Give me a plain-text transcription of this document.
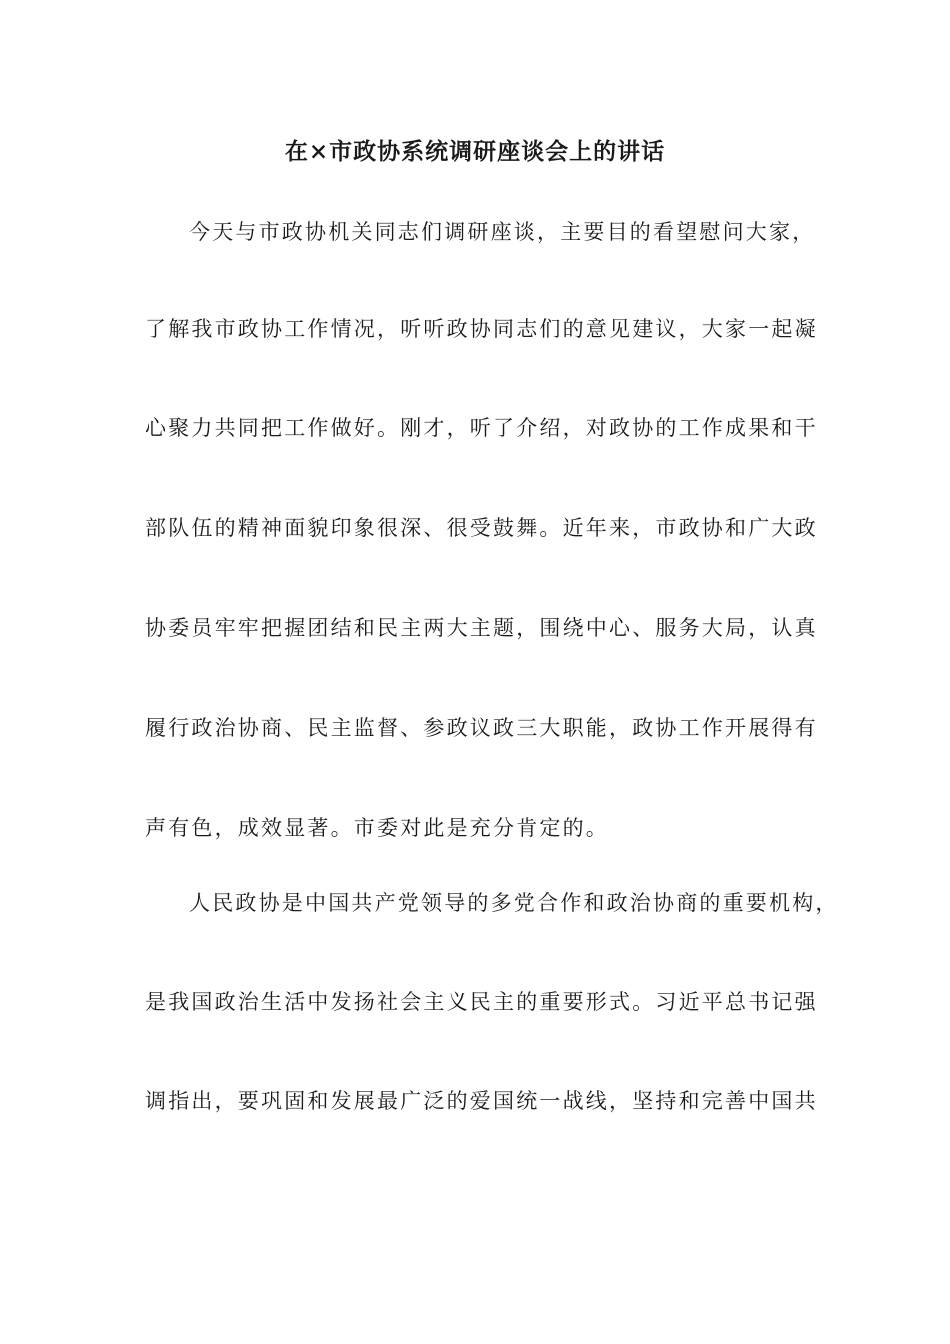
在×市政协系统调研座谈会上的讲话
今天与市政协机关同志们调研座谈，主要目的看望慰问大家，
了解我市政协工作情况，听听政协同志们的意见建议，大家一起凝
心聚力共同把工作做好。刚才，听了介绍，对政协的工作成果和干
部队伍的精神面貌印象很深、很受鼓舞。近年来，市政协和广大政
协委员牢牢把握团结和民主两大主题，围绕中心、服务大局，认真
履行政治协商、民主监督、参政议政三大职能，政协工作开展得有
声有色，成效显著。市委对此是充分肯定的。
人民政协是中国共产党领导的多党合作和政治协商的重要机构，
是我国政治生活中发扬社会主义民主的重要形式。习近平总书记强
调指出，要巩固和发展最广泛的爱国统一战线，坚持和完善中国共
